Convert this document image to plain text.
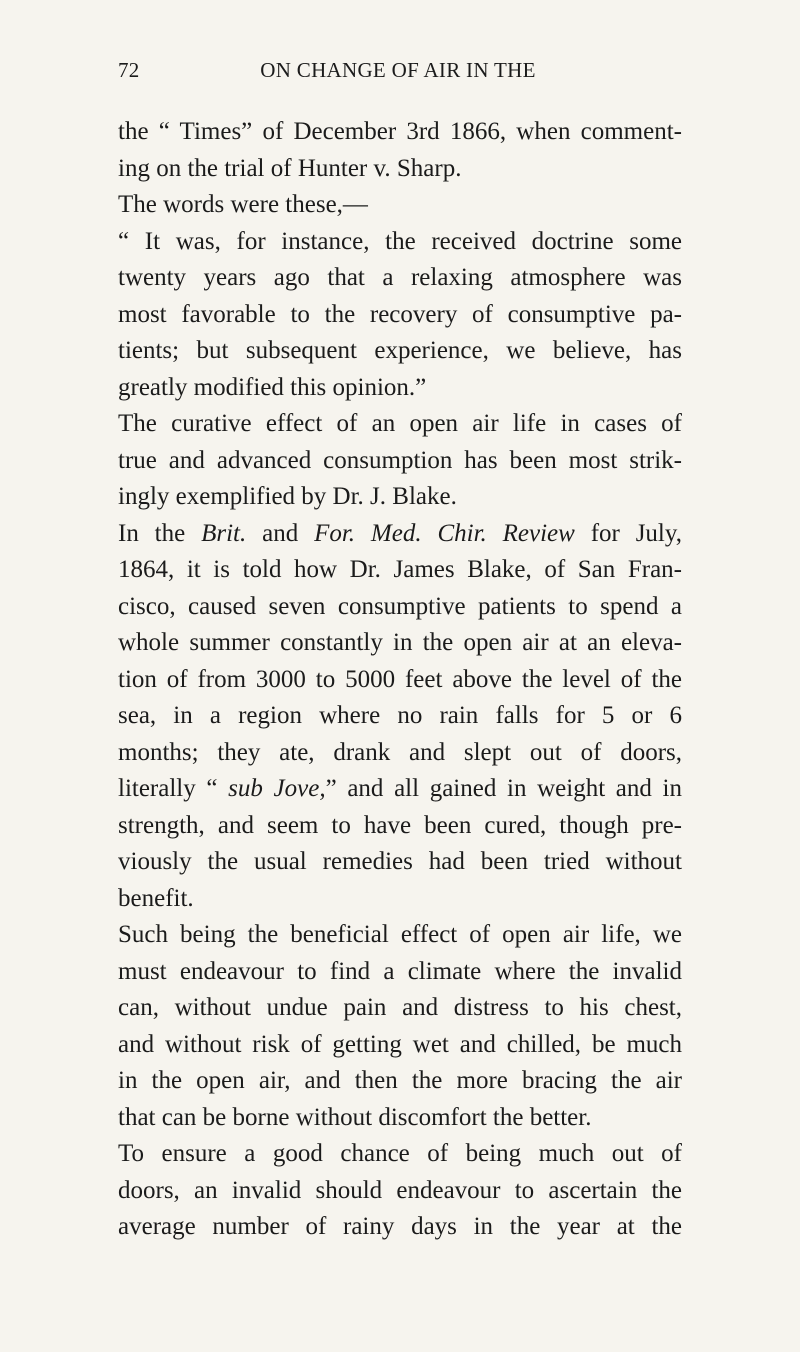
72	ON CHANGE OF AIR IN THE
the “ Times” of December 3rd 1866, when comment-
ing on the trial of Hunter v. Sharp.
The words were these,—
“ It was, for instance, the received doctrine some
twenty years ago that a relaxing atmosphere was
most favorable to the recovery of consumptive pa-
tients; but subsequent experience, we believe, has
greatly modified this opinion.”
The curative effect of an open air life in cases of
true and advanced consumption has been most strik-
ingly exemplified by Dr. J. Blake.
In the Brit. and For. Med. Chir. Review for July,
1864, it is told how Dr. James Blake, of San Fran-
cisco, caused seven consumptive patients to spend a
whole summer constantly in the open air at an eleva-
tion of from 3000 to 5000 feet above the level of the
sea, in a region where no rain falls for 5 or 6
months; they ate, drank and slept out of doors,
literally “ sub Jove,” and all gained in weight and in
strength, and seem to have been cured, though pre-
viously the usual remedies had been tried without
benefit.
Such being the beneficial effect of open air life, we
must endeavour to find a climate where the invalid
can, without undue pain and distress to his chest,
and without risk of getting wet and chilled, be much
in the open air, and then the more bracing the air
that can be borne without discomfort the better.
To ensure a good chance of being much out of
doors, an invalid should endeavour to ascertain the
average number of rainy days in the year at the
